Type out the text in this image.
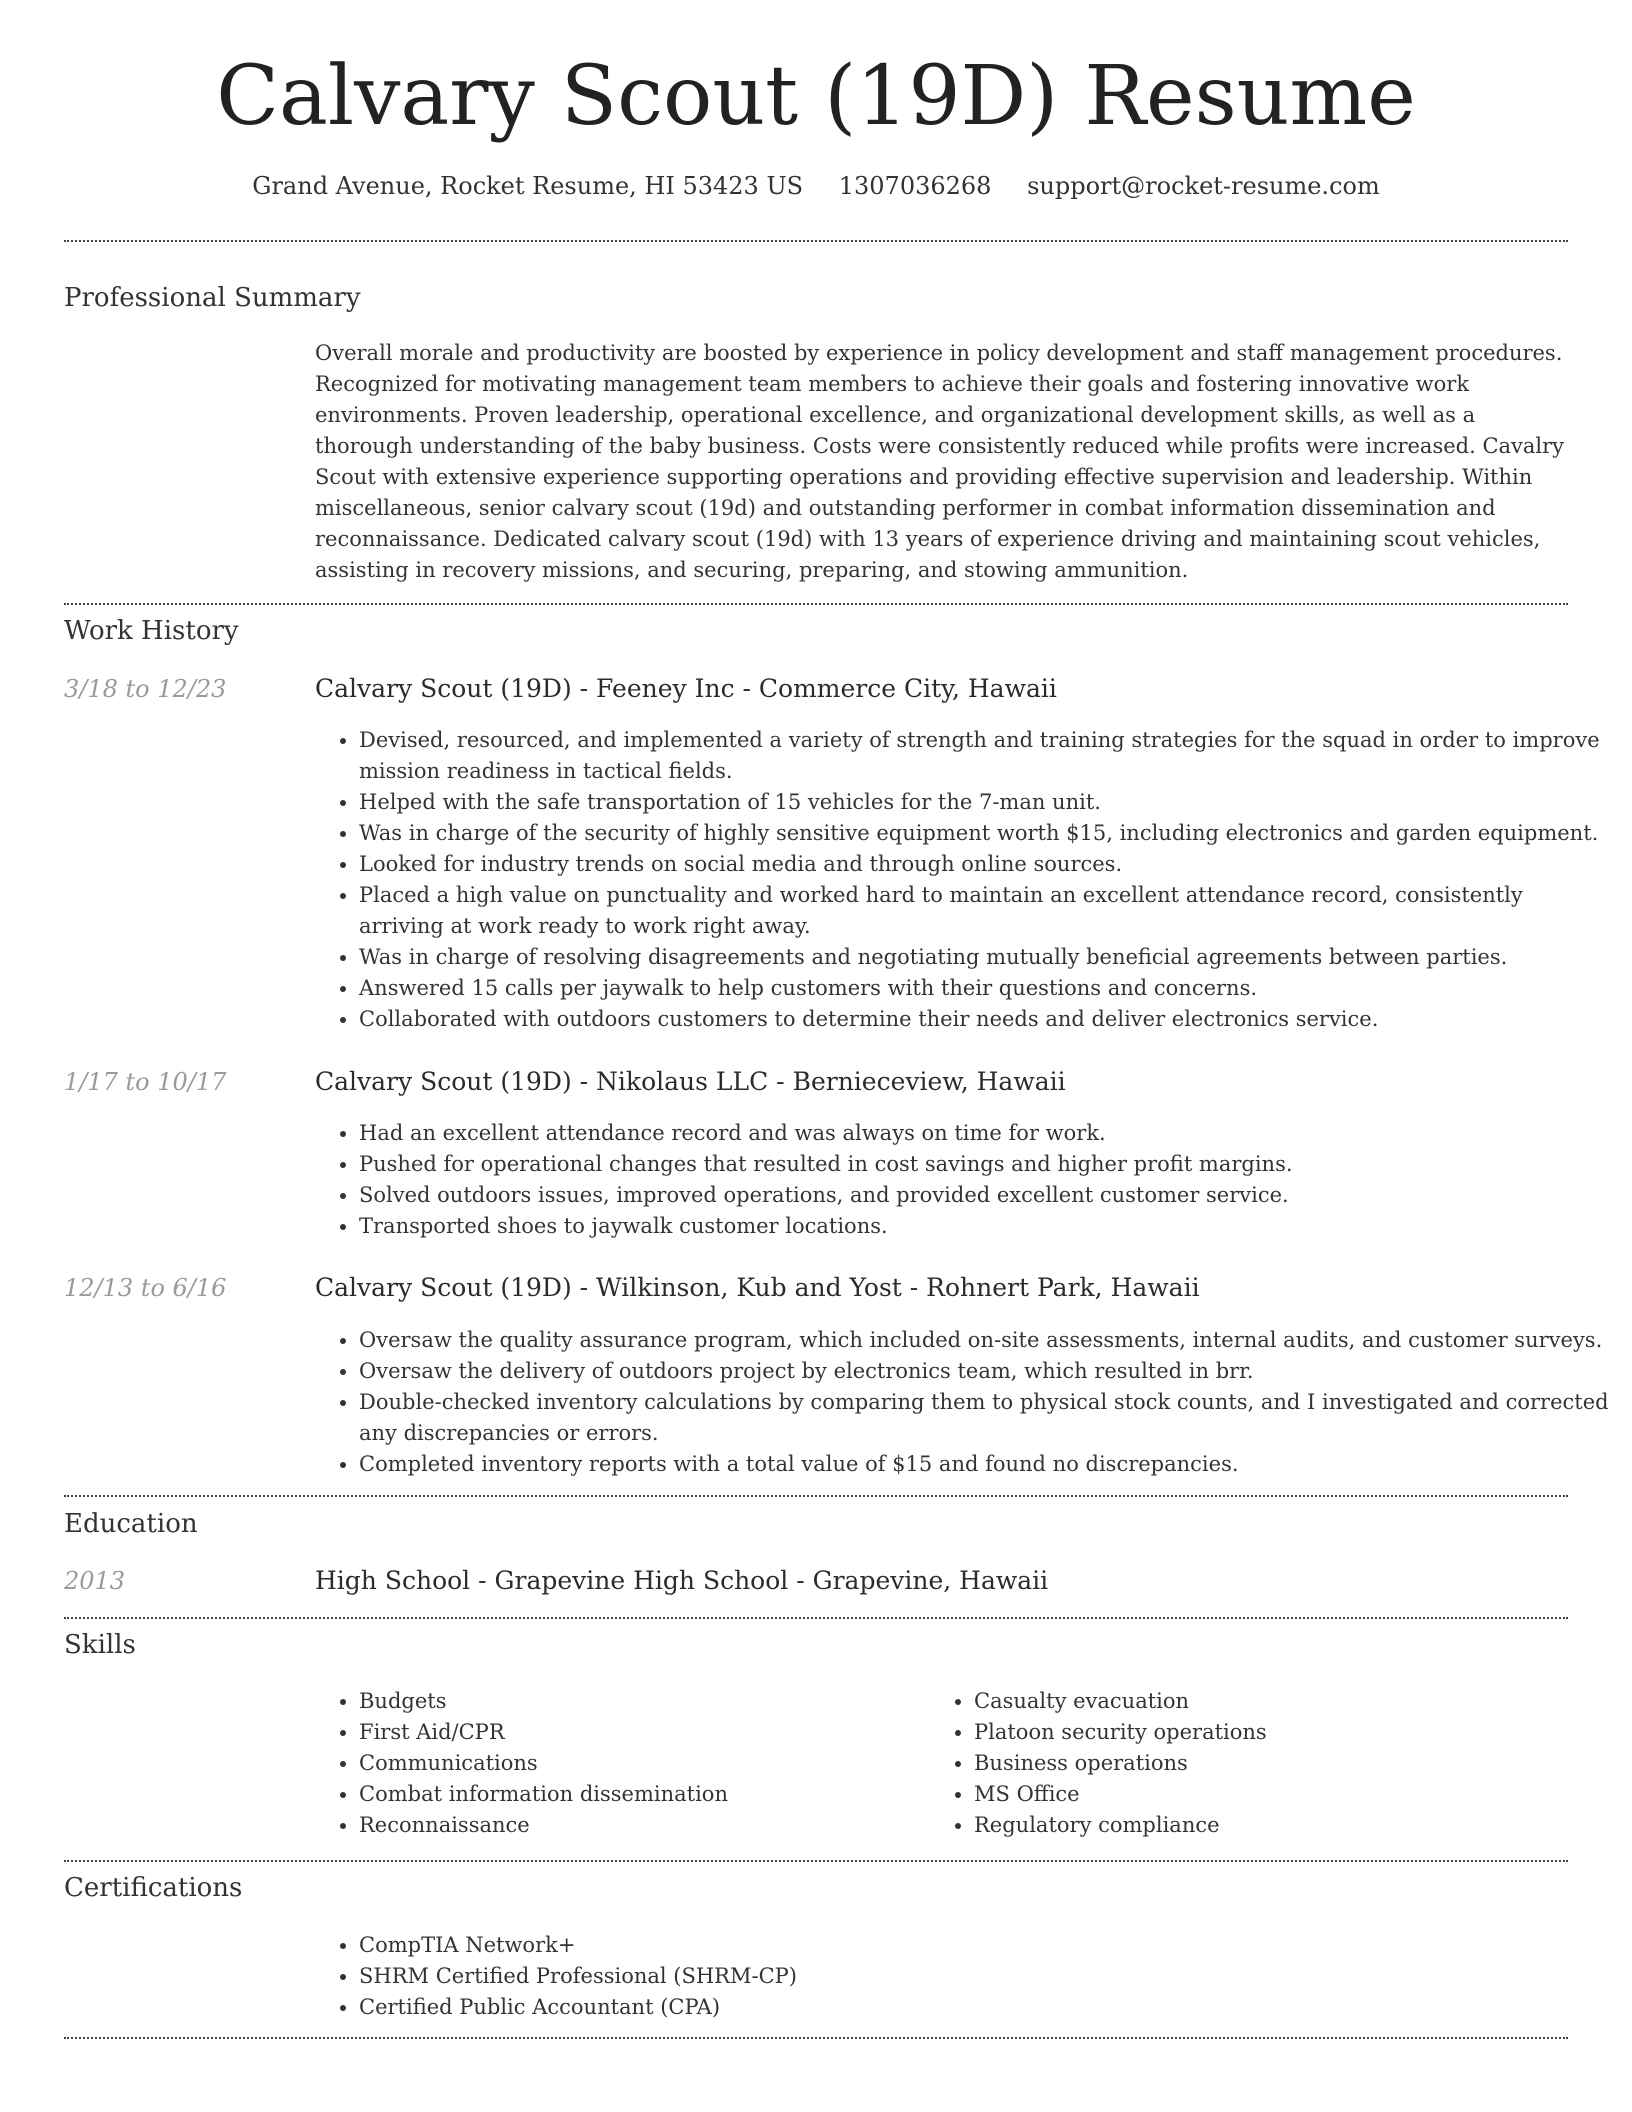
Calvary Scout (19D) Resume
Grand Avenue, Rocket Resume, HI 53423 US 1307036268 support@rocket-resume.com
Professional Summary
Overall morale and productivity are boosted by experience in policy development and staff management procedures. Recognized for motivating management team members to achieve their goals and fostering innovative work environments. Proven leadership, operational excellence, and organizational development skills, as well as a thorough understanding of the baby business. Costs were consistently reduced while profits were increased. Cavalry Scout with extensive experience supporting operations and providing effective supervision and leadership. Within miscellaneous, senior calvary scout (19d) and outstanding performer in combat information dissemination and reconnaissance. Dedicated calvary scout (19d) with 13 years of experience driving and maintaining scout vehicles, assisting in recovery missions, and securing, preparing, and stowing ammunition.
Work History
3/18 to 12/23	Calvary Scout (19D) - Feeney Inc - Commerce City, Hawaii
• Devised, resourced, and implemented a variety of strength and training strategies for the squad in order to improve mission readiness in tactical fields.
• Helped with the safe transportation of 15 vehicles for the 7-man unit.
• Was in charge of the security of highly sensitive equipment worth $15, including electronics and garden equipment.
• Looked for industry trends on social media and through online sources.
• Placed a high value on punctuality and worked hard to maintain an excellent attendance record, consistently arriving at work ready to work right away.
• Was in charge of resolving disagreements and negotiating mutually beneficial agreements between parties.
• Answered 15 calls per jaywalk to help customers with their questions and concerns.
• Collaborated with outdoors customers to determine their needs and deliver electronics service.
1/17 to 10/17	Calvary Scout (19D) - Nikolaus LLC - Bernieceview, Hawaii
• Had an excellent attendance record and was always on time for work.
• Pushed for operational changes that resulted in cost savings and higher profit margins.
• Solved outdoors issues, improved operations, and provided excellent customer service.
• Transported shoes to jaywalk customer locations.
12/13 to 6/16	Calvary Scout (19D) - Wilkinson, Kub and Yost - Rohnert Park, Hawaii
• Oversaw the quality assurance program, which included on-site assessments, internal audits, and customer surveys.
• Oversaw the delivery of outdoors project by electronics team, which resulted in brr.
• Double-checked inventory calculations by comparing them to physical stock counts, and I investigated and corrected any discrepancies or errors.
• Completed inventory reports with a total value of $15 and found no discrepancies.
Education
2013	High School - Grapevine High School - Grapevine, Hawaii
Skills
• Budgets
• First Aid/CPR
• Communications
• Combat information dissemination
• Reconnaissance
• Casualty evacuation
• Platoon security operations
• Business operations
• MS Office
• Regulatory compliance
Certifications
• CompTIA Network+
• SHRM Certified Professional (SHRM-CP)
• Certified Public Accountant (CPA)
